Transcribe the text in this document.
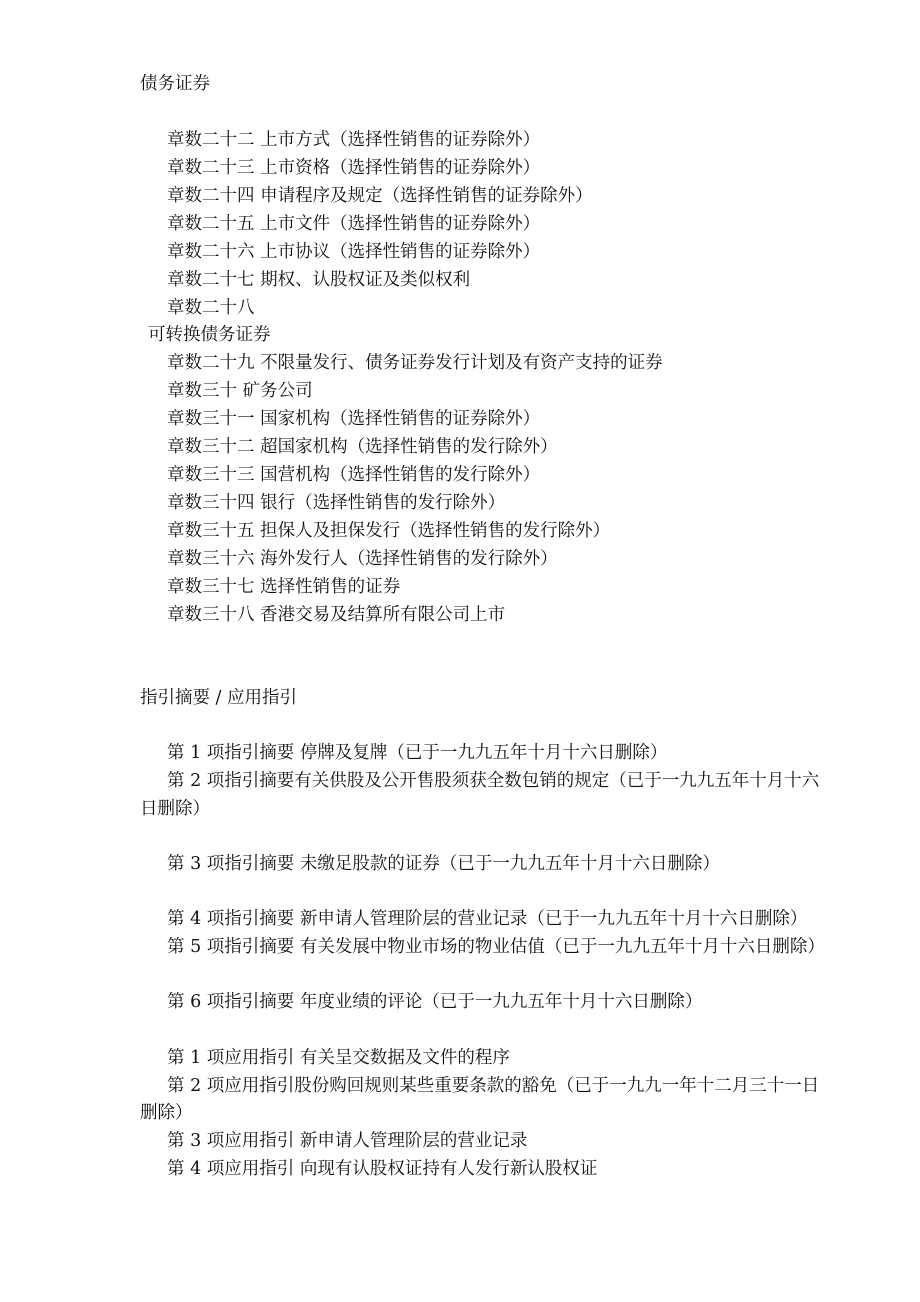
债务证券
章数二十二 上市方式（选择性销售的证券除外）
章数二十三 上市资格（选择性销售的证券除外）
章数二十四 申请程序及规定（选择性销售的证券除外）
章数二十五 上市文件（选择性销售的证券除外）
章数二十六 上市协议（选择性销售的证券除外）
章数二十七 期权、认股权证及类似权利
章数二十八
可转换债务证券
章数二十九 不限量发行、债务证券发行计划及有资产支持的证券
章数三十 矿务公司
章数三十一 国家机构（选择性销售的证券除外）
章数三十二 超国家机构（选择性销售的发行除外）
章数三十三 国营机构（选择性销售的发行除外）
章数三十四 银行（选择性销售的发行除外）
章数三十五 担保人及担保发行（选择性销售的发行除外）
章数三十六 海外发行人（选择性销售的发行除外）
章数三十七 选择性销售的证券
章数三十八 香港交易及结算所有限公司上市
指引摘要 / 应用指引
第 1 项指引摘要 停牌及复牌（已于一九九五年十月十六日删除）
第 2 项指引摘要有关供股及公开售股须获全数包销的规定（已于一九九五年十月十六
日删除）
第 3 项指引摘要 未缴足股款的证券（已于一九九五年十月十六日删除）
第 4 项指引摘要 新申请人管理阶层的营业记录（已于一九九五年十月十六日删除）
第 5 项指引摘要 有关发展中物业市场的物业估值（已于一九九五年十月十六日删除）
第 6 项指引摘要 年度业绩的评论（已于一九九五年十月十六日删除）
第 1 项应用指引 有关呈交数据及文件的程序
第 2 项应用指引股份购回规则某些重要条款的豁免（已于一九九一年十二月三十一日
删除）
第 3 项应用指引 新申请人管理阶层的营业记录
第 4 项应用指引 向现有认股权证持有人发行新认股权证
